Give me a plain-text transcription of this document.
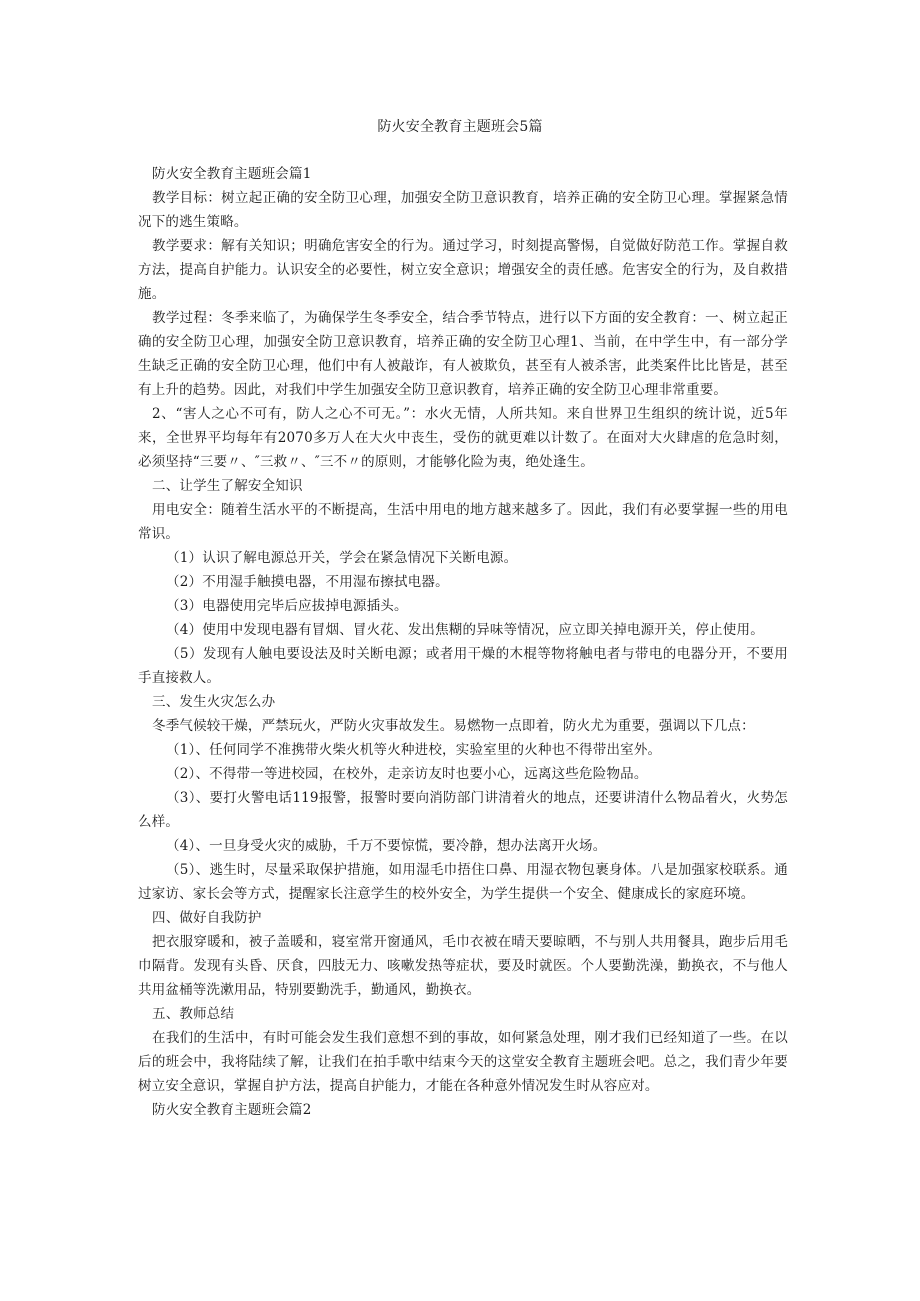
防火安全教育主题班会5篇

防火安全教育主题班会篇1

教学目标：树立起正确的安全防卫心理，加强安全防卫意识教育，培养正确的安全防卫心理。掌握紧急情况下的逃生策略。

教学要求：解有关知识；明确危害安全的行为。通过学习，时刻提高警惕，自觉做好防范工作。掌握自救方法，提高自护能力。认识安全的必要性，树立安全意识；增强安全的责任感。危害安全的行为，及自救措施。

教学过程：冬季来临了，为确保学生冬季安全，结合季节特点，进行以下方面的安全教育：一、树立起正确的安全防卫心理，加强安全防卫意识教育，培养正确的安全防卫心理1、当前，在中学生中，有一部分学生缺乏正确的安全防卫心理，他们中有人被敲诈，有人被欺负，甚至有人被杀害，此类案件比比皆是，甚至有上升的趋势。因此，对我们中学生加强安全防卫意识教育，培养正确的安全防卫心理非常重要。

2、“害人之心不可有，防人之心不可无。”：水火无情，人所共知。来自世界卫生组织的统计说，近5年来，全世界平均每年有2070多万人在大火中丧生，受伤的就更难以计数了。在面对大火肆虐的危急时刻，必须坚持“三要〃、″三救〃、″三不〃的原则，才能够化险为夷，绝处逢生。

二、让学生了解安全知识

用电安全：随着生活水平的不断提高，生活中用电的地方越来越多了。因此，我们有必要掌握一些的用电常识。

（1）认识了解电源总开关，学会在紧急情况下关断电源。

（2）不用湿手触摸电器，不用湿布擦拭电器。

（3）电器使用完毕后应拔掉电源插头。

（4）使用中发现电器有冒烟、冒火花、发出焦糊的异味等情况，应立即关掉电源开关，停止使用。

（5）发现有人触电要设法及时关断电源；或者用干燥的木棍等物将触电者与带电的电器分开，不要用手直接救人。

三、发生火灾怎么办

冬季气候较干燥，严禁玩火，严防火灾事故发生。易燃物一点即着，防火尤为重要，强调以下几点：

（1）、任何同学不准携带火柴火机等火种进校，实验室里的火种也不得带出室外。

（2）、不得带一等进校园，在校外，走亲访友时也要小心，远离这些危险物品。

（3）、要打火警电话119报警，报警时要向消防部门讲清着火的地点，还要讲清什么物品着火，火势怎么样。

（4）、一旦身受火灾的威胁，千万不要惊慌，要冷静，想办法离开火场。

（5）、逃生时，尽量采取保护措施，如用湿毛巾捂住口鼻、用湿衣物包裹身体。八是加强家校联系。通过家访、家长会等方式，提醒家长注意学生的校外安全，为学生提供一个安全、健康成长的家庭环境。

四、做好自我防护

把衣服穿暖和，被子盖暖和，寝室常开窗通风，毛巾衣被在晴天要晾晒，不与别人共用餐具，跑步后用毛巾隔背。发现有头昏、厌食，四肢无力、咳嗽发热等症状，要及时就医。个人要勤洗澡，勤换衣，不与他人共用盆桶等洗漱用品，特别要勤洗手，勤通风，勤换衣。

五、教师总结

在我们的生活中，有时可能会发生我们意想不到的事故，如何紧急处理，刚才我们已经知道了一些。在以后的班会中，我将陆续了解，让我们在拍手歌中结束今天的这堂安全教育主题班会吧。总之，我们青少年要树立安全意识，掌握自护方法，提高自护能力，才能在各种意外情况发生时从容应对。

防火安全教育主题班会篇2
